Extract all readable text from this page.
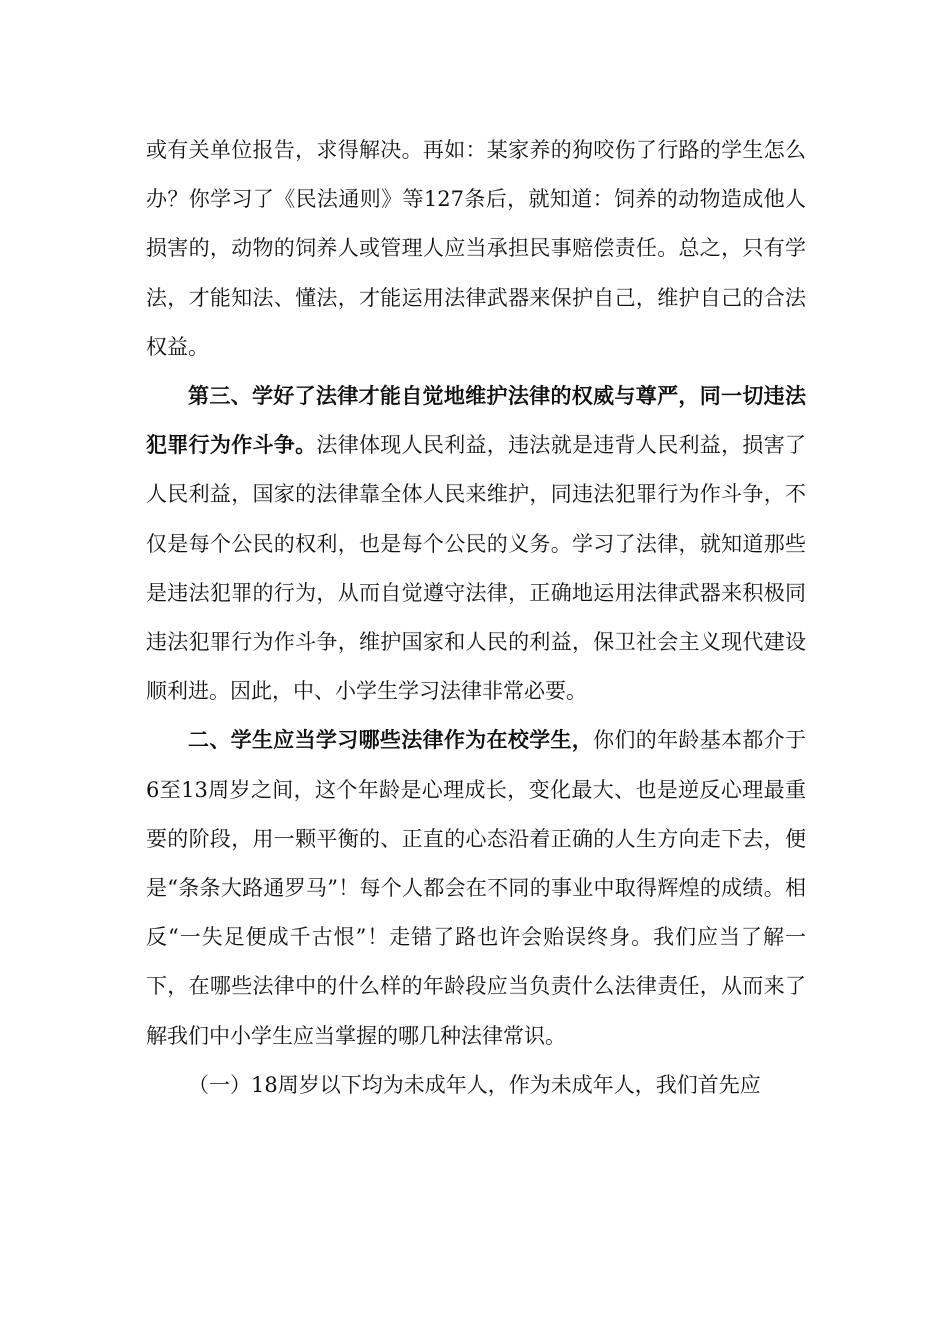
或有关单位报告，求得解决。再如：某家养的狗咬伤了行路的学生怎么办？你学习了《民法通则》等127条后，就知道：饲养的动物造成他人损害的，动物的饲养人或管理人应当承担民事赔偿责任。总之，只有学法，才能知法、懂法，才能运用法律武器来保护自己，维护自己的合法权益。

第三、学好了法律才能自觉地维护法律的权威与尊严，同一切违法犯罪行为作斗争。法律体现人民利益，违法就是违背人民利益，损害了人民利益，国家的法律靠全体人民来维护，同违法犯罪行为作斗争，不仅是每个公民的权利，也是每个公民的义务。学习了法律，就知道那些是违法犯罪的行为，从而自觉遵守法律，正确地运用法律武器来积极同违法犯罪行为作斗争，维护国家和人民的利益，保卫社会主义现代建设顺利进。因此，中、小学生学习法律非常必要。

二、学生应当学习哪些法律作为在校学生，你们的年龄基本都介于6至13周岁之间，这个年龄是心理成长，变化最大、也是逆反心理最重要的阶段，用一颗平衡的、正直的心态沿着正确的人生方向走下去，便是“条条大路通罗马”！每个人都会在不同的事业中取得辉煌的成绩。相反“一失足便成千古恨”！走错了路也许会贻误终身。我们应当了解一下，在哪些法律中的什么样的年龄段应当负责什么法律责任，从而来了解我们中小学生应当掌握的哪几种法律常识。

（一）18周岁以下均为未成年人，作为未成年人，我们首先应
